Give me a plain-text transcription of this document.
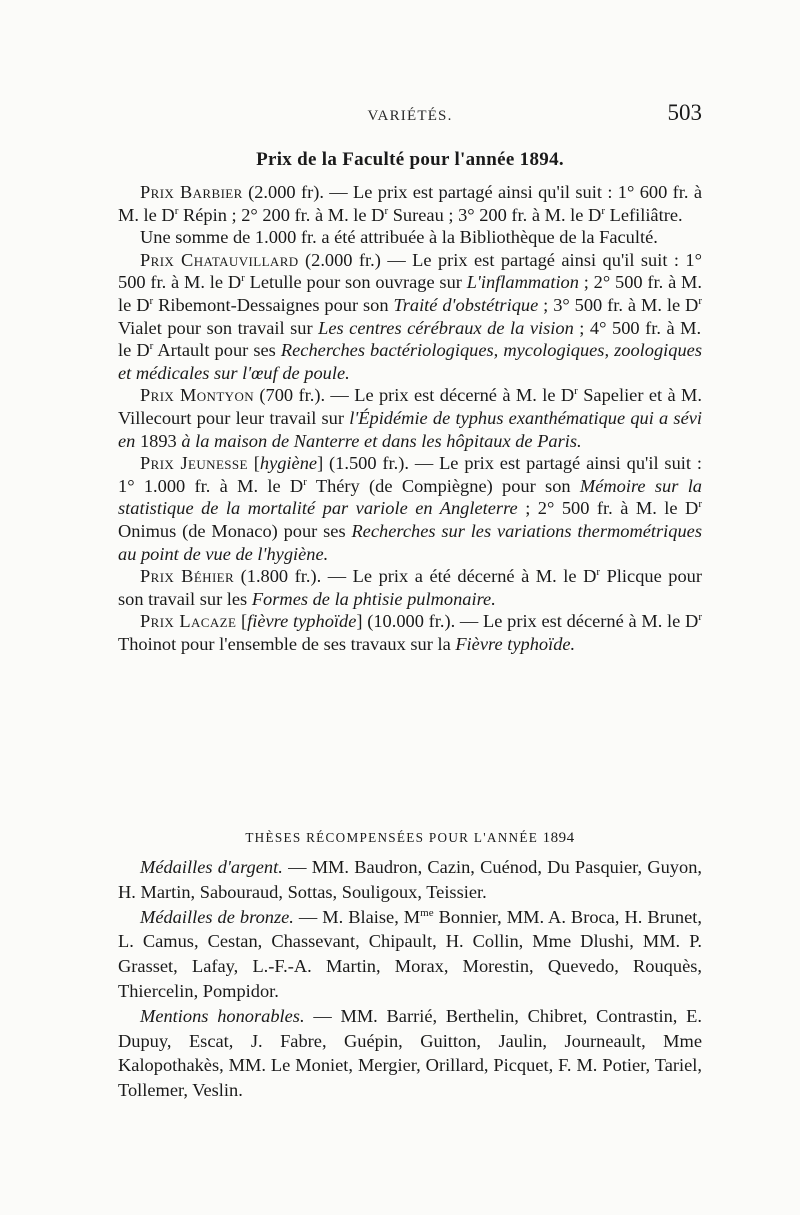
VARIÉTÉS.	503
Prix de la Faculté pour l'année 1894.

Prix Barbier (2.000 fr). — Le prix est partagé ainsi qu'il suit : 1° 600 fr. à M. le $D^r$ Répin ; 2° 200 fr. à M. le $D^r$ Sureau ; 3° 200 fr. à M. le $D^r$ Lefiliâtre.

Une somme de 1.000 fr. a été attribuée à la Bibliothèque de la Faculté.

Prix Chatauvillard (2.000 fr.) — Le prix est partagé ainsi qu'il suit : 1° 500 fr. à M. le $D^r$ Letulle pour son ouvrage sur L'inflammation ; 2° 500 fr. à M. le $D^r$ Ribemont-Dessaignes pour son Traité d'obstétrique ; 3° 500 fr. à M. le $D^r$ Vialet pour son travail sur Les centres cérébraux de la vision ; 4° 500 fr. à M. le $D^r$ Artault pour ses Recherches bactériologiques, mycologiques, zoologiques et médicales sur l'œuf de poule.

Prix Montyon (700 fr.). — Le prix est décerné à M. le $D^r$ Sapelier et à M. Villecourt pour leur travail sur l'Épidémie de typhus exanthématique qui a sévi en 1893 à la maison de Nanterre et dans les hôpitaux de Paris.

Prix Jeunesse [hygiène] (1.500 fr.). — Le prix est partagé ainsi qu'il suit : 1° 1.000 fr. à M. le $D^r$ Théry (de Compiègne) pour son Mémoire sur la statistique de la mortalité par variole en Angleterre ; 2° 500 fr. à M. le $D^r$ Onimus (de Monaco) pour ses Recherches sur les variations thermométriques au point de vue de l'hygiène.

Prix Béhier (1.800 fr.). — Le prix a été décerné à M. le $D^r$ Plicque pour son travail sur les Formes de la phtisie pulmonaire.

Prix Lacaze [fièvre typhoïde] (10.000 fr.). — Le prix est décerné à M. le $D^r$ Thoinot pour l'ensemble de ses travaux sur la Fièvre typhoïde.

THÈSES RÉCOMPENSÉES POUR L'ANNÉE 1894

Médailles d'argent. — MM. Baudron, Cazin, Cuénod, Du Pasquier, Guyon, H. Martin, Sabouraud, Sottas, Souligoux, Teissier.

Médailles de bronze. — M. Blaise, $M^{me}$ Bonnier, MM. A. Broca, H. Brunet, L. Camus, Cestan, Chassevant, Chipault, H. Collin, Mme Dlushi, MM. P. Grasset, Lafay, L.-F.-A. Martin, Morax, Morestin, Quevedo, Rouquès, Thiercelin, Pompidor.

Mentions honorables. — MM. Barrié, Berthelin, Chibret, Contrastin, E. Dupuy, Escat, J. Fabre, Guépin, Guitton, Jaulin, Journeault, Mme Kalopothakès, MM. Le Moniet, Mergier, Orillard, Picquet, F. M. Potier, Tariel, Tollemer, Veslin.
